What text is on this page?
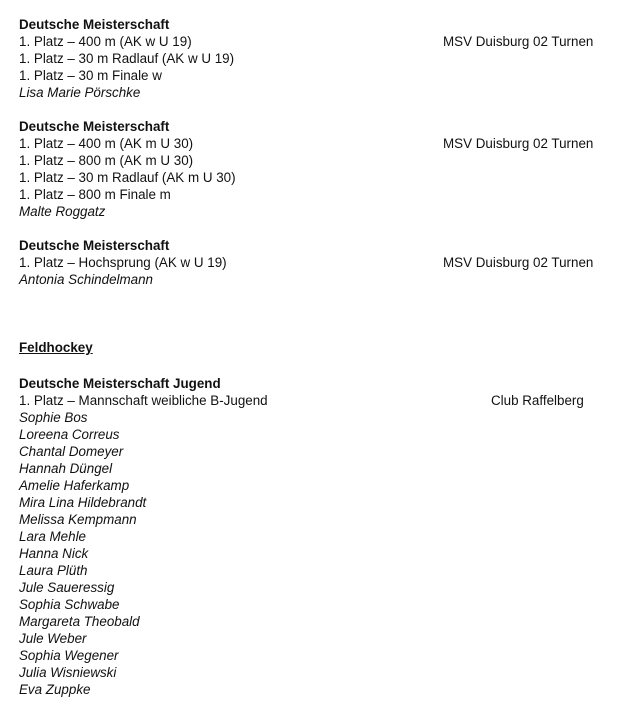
Deutsche Meisterschaft
1. Platz – 400 m (AK w U 19)	MSV Duisburg 02 Turnen
1. Platz – 30 m Radlauf (AK w U 19)
1. Platz – 30 m Finale w
Lisa Marie Pörschke
Deutsche Meisterschaft
1. Platz – 400 m (AK m U 30)	MSV Duisburg 02 Turnen
1. Platz – 800 m (AK m U 30)
1. Platz – 30 m Radlauf (AK m U 30)
1. Platz – 800 m Finale m
Malte Roggatz
Deutsche Meisterschaft
1. Platz – Hochsprung (AK w U 19)	MSV Duisburg 02 Turnen
Antonia Schindelmann
Feldhockey
Deutsche Meisterschaft Jugend
1. Platz – Mannschaft weibliche B-Jugend	Club Raffelberg
Sophie Bos
Loreena Correus
Chantal Domeyer
Hannah Düngel
Amelie Haferkamp
Mira Lina Hildebrandt
Melissa Kempmann
Lara Mehle
Hanna Nick
Laura Plüth
Jule Saueressig
Sophia Schwabe
Margareta Theobald
Jule Weber
Sophia Wegener
Julia Wisniewski
Eva Zuppke
